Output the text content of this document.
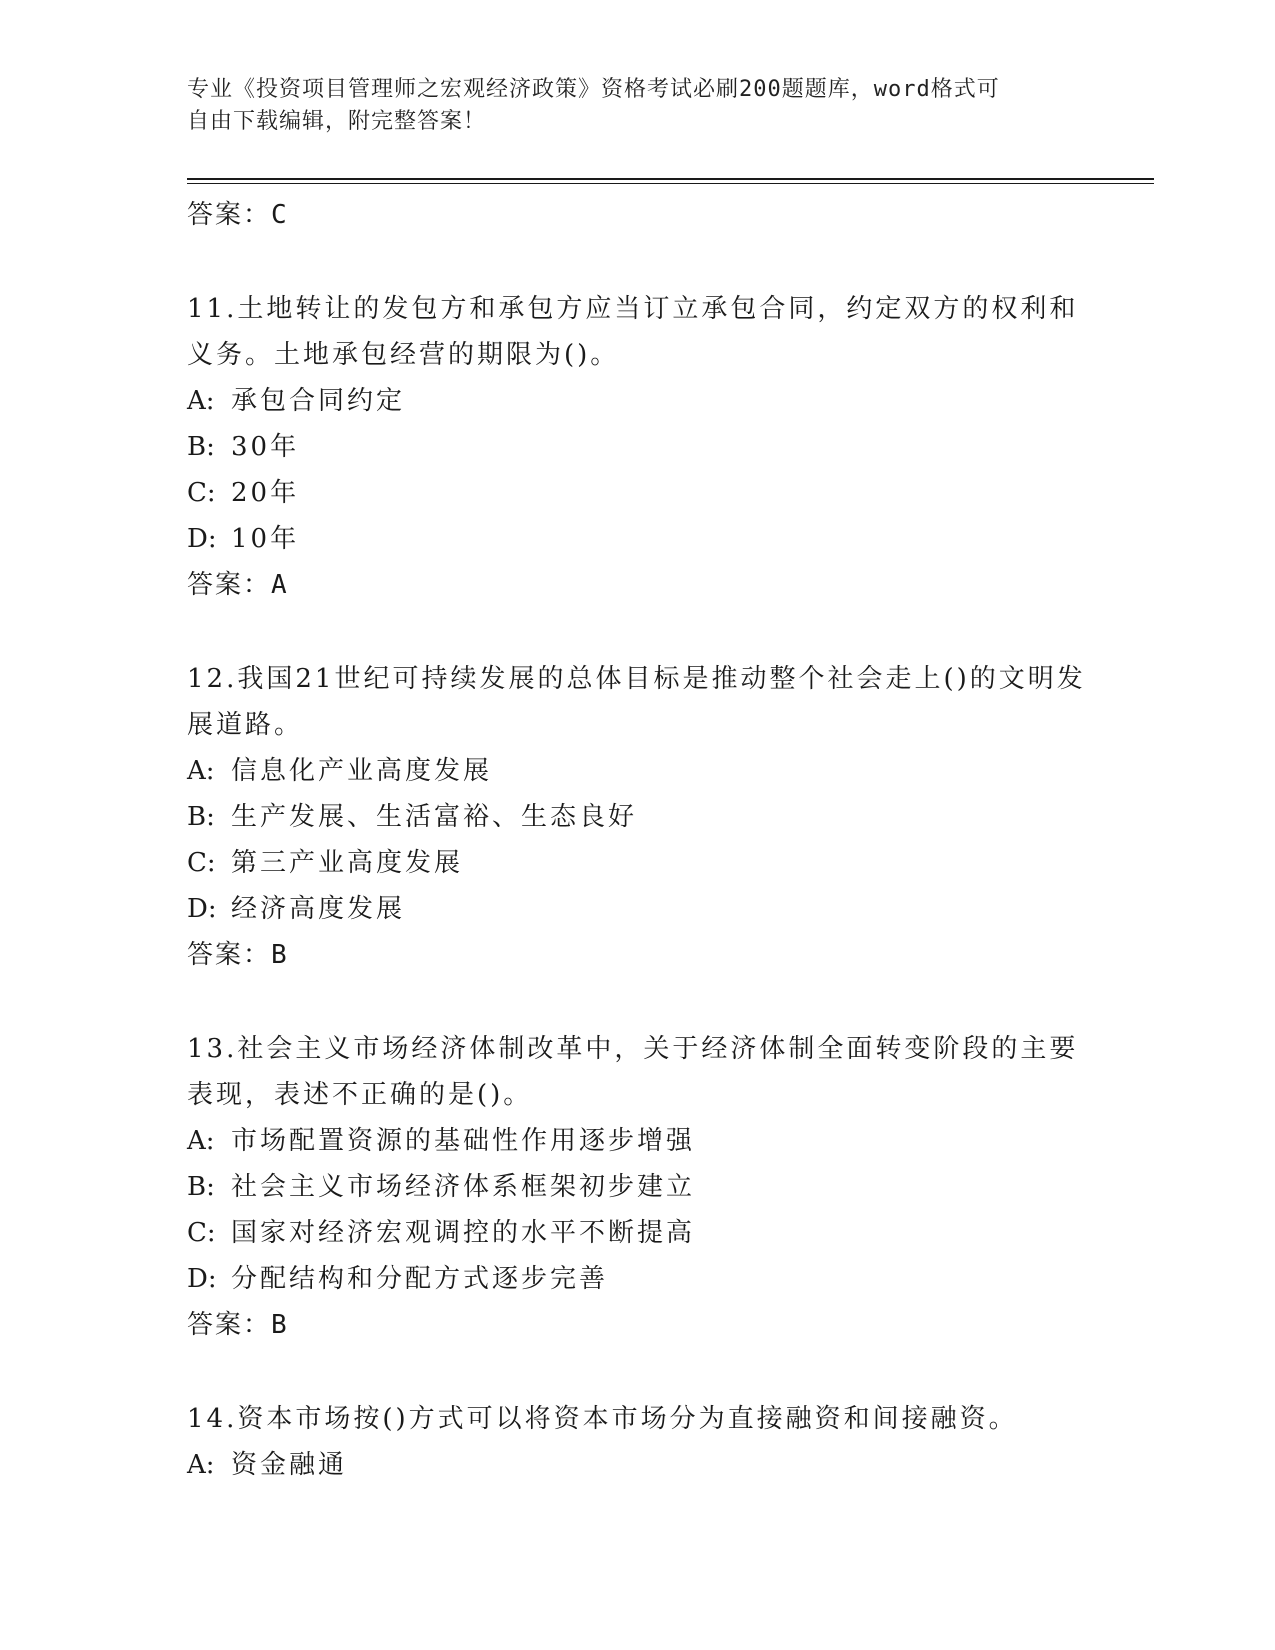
专业《投资项目管理师之宏观经济政策》资格考试必刷200题题库，word格式可
自由下载编辑，附完整答案！
答案：C
11.土地转让的发包方和承包方应当订立承包合同，约定双方的权利和义务。土地承包经营的期限为()。
A: 承包合同约定
B: 30年
C: 20年
D: 10年
答案：A
12.我国21世纪可持续发展的总体目标是推动整个社会走上()的文明发展道路。
A: 信息化产业高度发展
B: 生产发展、生活富裕、生态良好
C: 第三产业高度发展
D: 经济高度发展
答案：B
13.社会主义市场经济体制改革中，关于经济体制全面转变阶段的主要表现，表述不正确的是()。
A: 市场配置资源的基础性作用逐步增强
B: 社会主义市场经济体系框架初步建立
C: 国家对经济宏观调控的水平不断提高
D: 分配结构和分配方式逐步完善
答案：B
14.资本市场按()方式可以将资本市场分为直接融资和间接融资。
A: 资金融通
